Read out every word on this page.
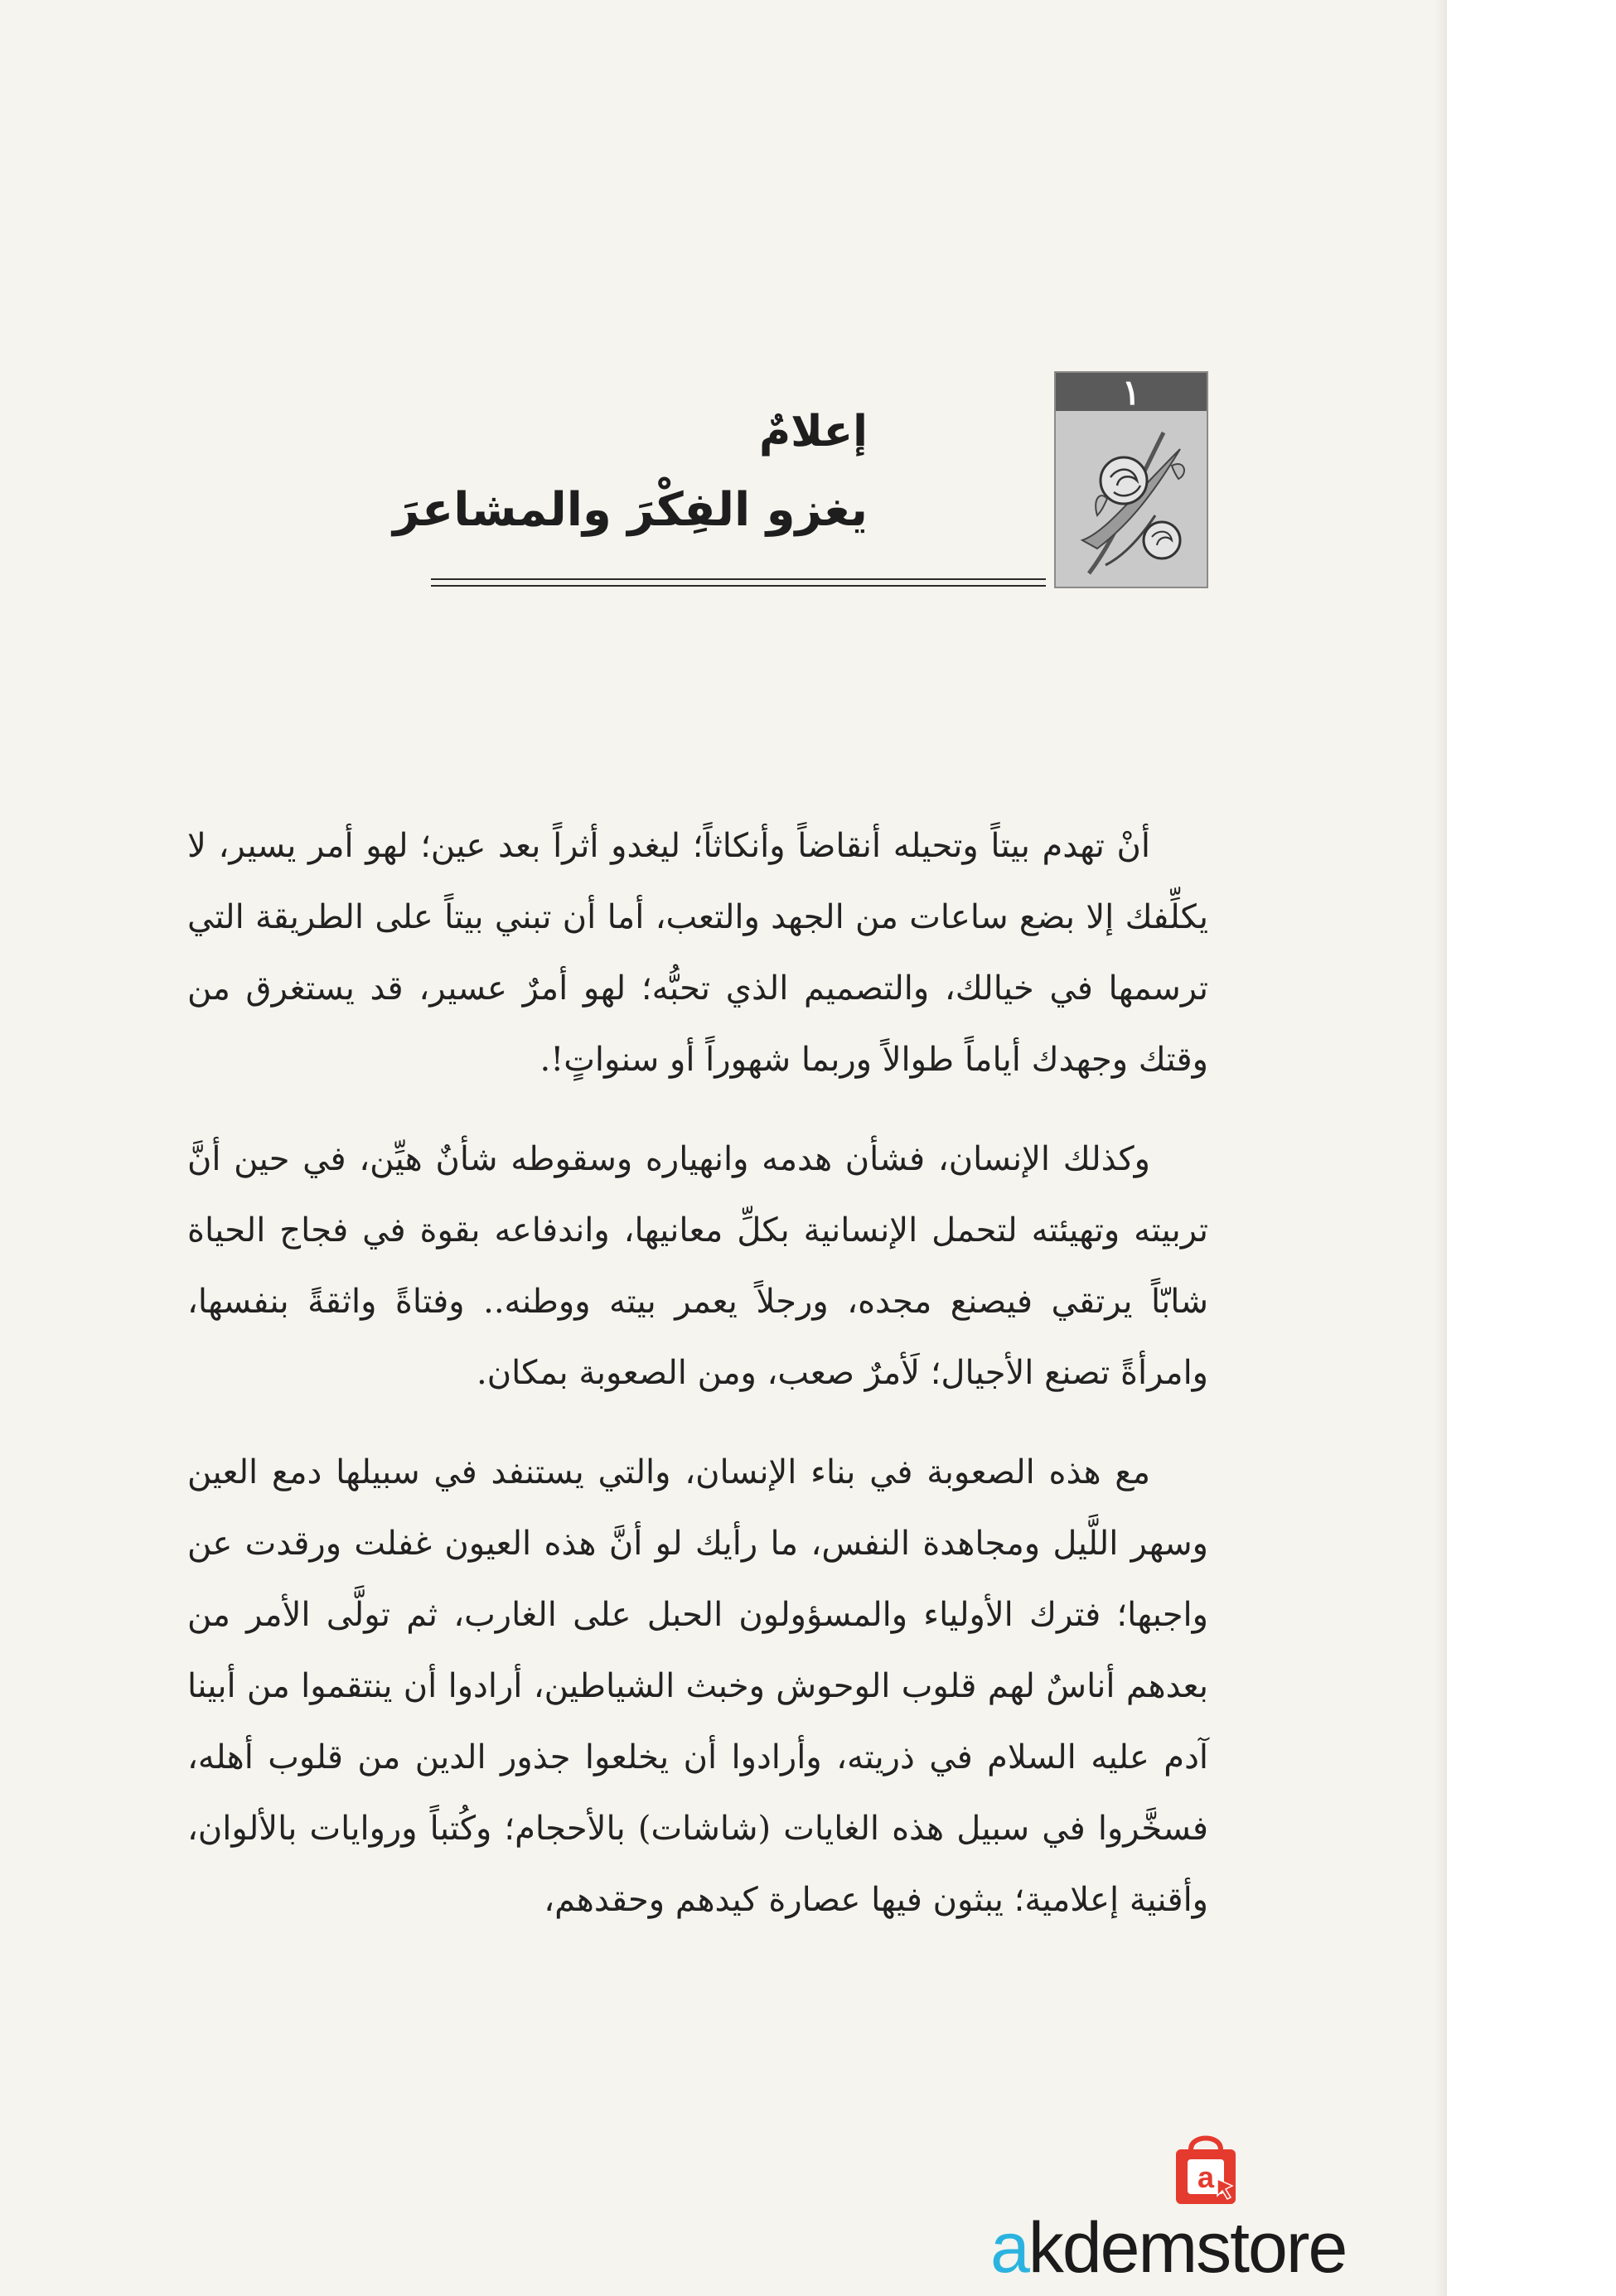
١
إعلامٌ
يغزو الفِكْرَ والمشاعرَ

أنْ تهدم بيتاً وتحيله أنقاضاً وأنكاثاً؛ ليغدو أثراً بعد عين؛ لهو أمر يسير، لا يكلِّفك إلا بضع ساعات من الجهد والتعب، أما أن تبني بيتاً على الطريقة التي ترسمها في خيالك، والتصميم الذي تحبُّه؛ لهو أمرٌ عسير، قد يستغرق من وقتك وجهدك أياماً طوالاً وربما شهوراً أو سنواتٍ!.

وكذلك الإنسان، فشأن هدمه وانهياره وسقوطه شأنٌ هيِّن، في حين أنَّ تربيته وتهيئته لتحمل الإنسانية بكلِّ معانيها، واندفاعه بقوة في فجاج الحياة شابّاً يرتقي فيصنع مجده، ورجلاً يعمر بيته ووطنه.. وفتاةً واثقةً بنفسها، وامرأةً تصنع الأجيال؛ لَأمرٌ صعب، ومن الصعوبة بمكان.

مع هذه الصعوبة في بناء الإنسان، والتي يستنفد في سبيلها دمع العين وسهر اللَّيل ومجاهدة النفس، ما رأيك لو أنَّ هذه العيون غفلت ورقدت عن واجبها؛ فترك الأولياء والمسؤولون الحبل على الغارب، ثم تولَّى الأمر من بعدهم أناسٌ لهم قلوب الوحوش وخبث الشياطين، أرادوا أن ينتقموا من أبينا آدم عليه السلام في ذريته، وأرادوا أن يخلعوا جذور الدين من قلوب أهله، فسخَّروا في سبيل هذه الغايات (شاشات) بالأحجام؛ وكُتباً وروايات بالألوان، وأقنية إعلامية؛ يبثون فيها عصارة كيدهم وحقدهم،

a
akdemstore
